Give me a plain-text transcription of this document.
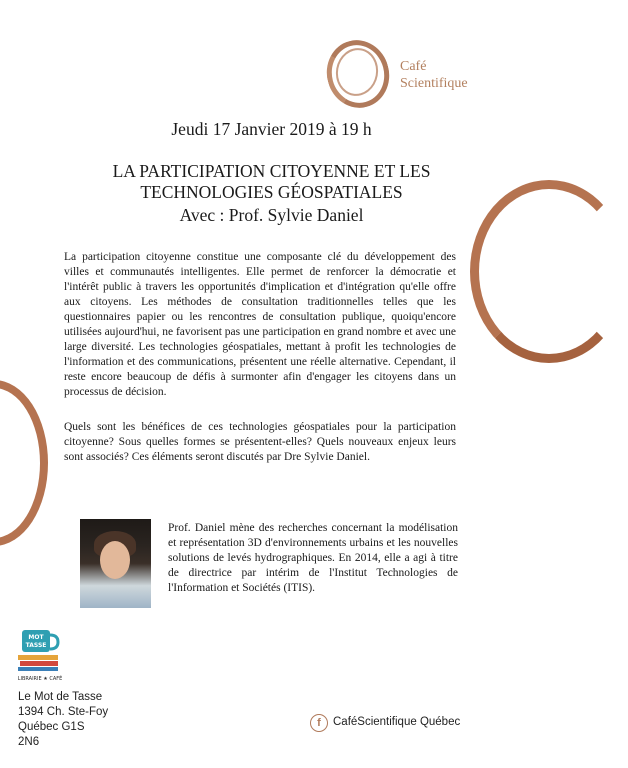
Café
Scientifique
Jeudi 17 Janvier 2019 à 19 h
LA PARTICIPATION CITOYENNE ET LES
TECHNOLOGIES GÉOSPATIALES
Avec : Prof. Sylvie Daniel

La participation citoyenne constitue une composante clé du développement des villes et communautés intelligentes. Elle permet de renforcer la démocratie et l'intérêt public à travers les opportunités d'implication et d'intégration qu'elle offre aux citoyens. Les méthodes de consultation traditionnelles telles que les questionnaires papier ou les rencontres de consultation publique, quoiqu'encore utilisées aujourd'hui, ne favorisent pas une participation en grand nombre et avec une large diversité. Les technologies géospatiales, mettant à profit les technologies de l'information et des communications, présentent une réelle alternative. Cependant, il reste encore beaucoup de défis à surmonter afin d'engager les citoyens dans un processus de décision.

Quels sont les bénéfices de ces technologies géospatiales pour la participation citoyenne? Sous quelles formes se présentent-elles? Quels nouveaux enjeux leurs sont associés? Ces éléments seront discutés par Dre Sylvie Daniel.

Prof. Daniel mène des recherches concernant la modélisation et représentation 3D d'environnements urbains et les nouvelles solutions de levés hydrographiques. En 2014, elle a agi à titre de directrice par intérim de l'Institut Technologies de l'Information et Sociétés (ITIS).

MOT
TASSE
LIBRAIRIE ★ CAFÉ
Le Mot de Tasse
1394 Ch. Ste-Foy
Québec G1S
2N6
f	CaféScientifique Québec
